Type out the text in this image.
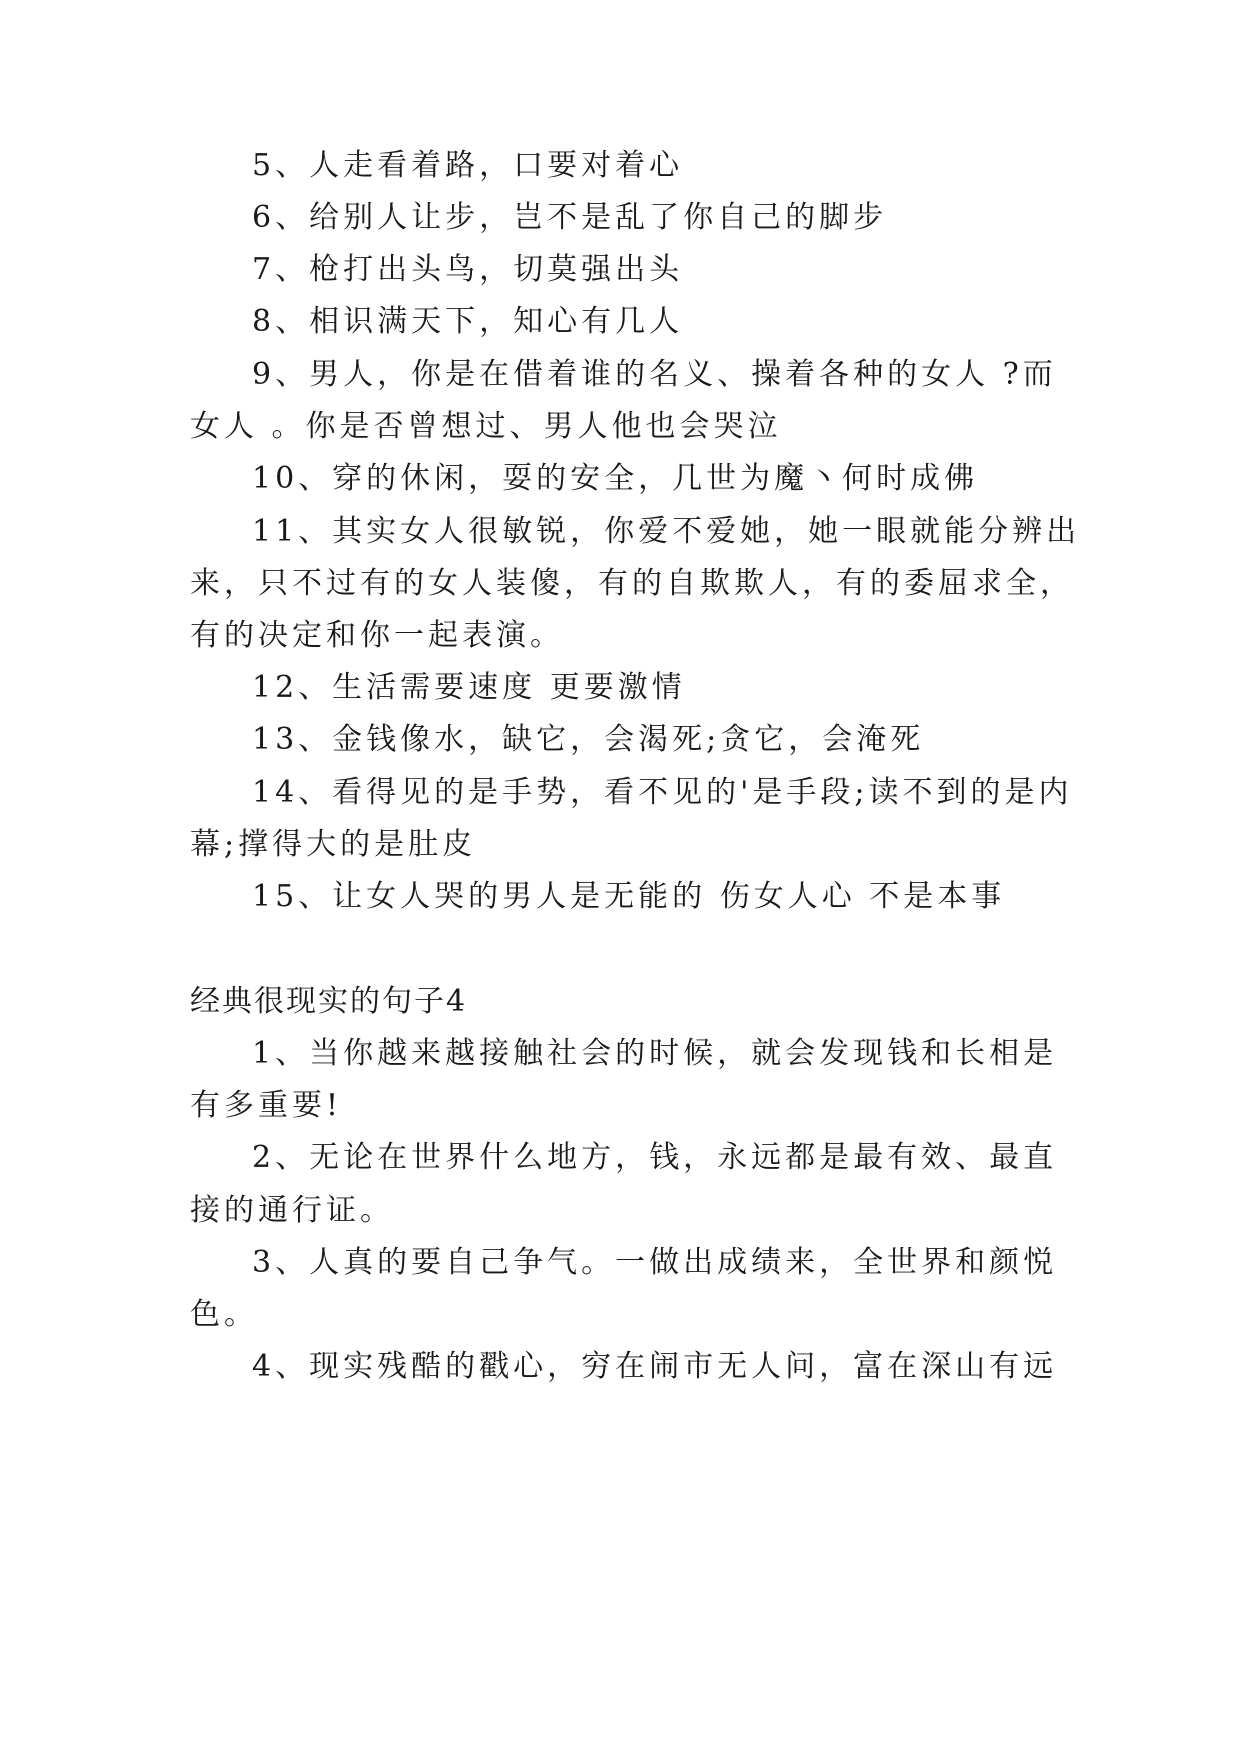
5、人走看着路，口要对着心
6、给别人让步，岂不是乱了你自己的脚步
7、枪打出头鸟，切莫强出头
8、相识满天下，知心有几人
9、男人，你是在借着谁的名义、操着各种的女人 ?而
女人 。你是否曾想过、男人他也会哭泣
10、穿的休闲，耍的安全，几世为魔丶何时成佛
11、其实女人很敏锐，你爱不爱她，她一眼就能分辨出
来，只不过有的女人装傻，有的自欺欺人，有的委屈求全，
有的决定和你一起表演。
12、生活需要速度 更要激情
13、金钱像水，缺它，会渴死;贪它，会淹死
14、看得见的是手势，看不见的'是手段;读不到的是内
幕;撑得大的是肚皮
15、让女人哭的男人是无能的 伤女人心 不是本事
经典很现实的句子4
1、当你越来越接触社会的时候，就会发现钱和长相是
有多重要!
2、无论在世界什么地方，钱，永远都是最有效、最直
接的通行证。
3、人真的要自己争气。一做出成绩来，全世界和颜悦
色。
4、现实残酷的戳心，穷在闹市无人问，富在深山有远
